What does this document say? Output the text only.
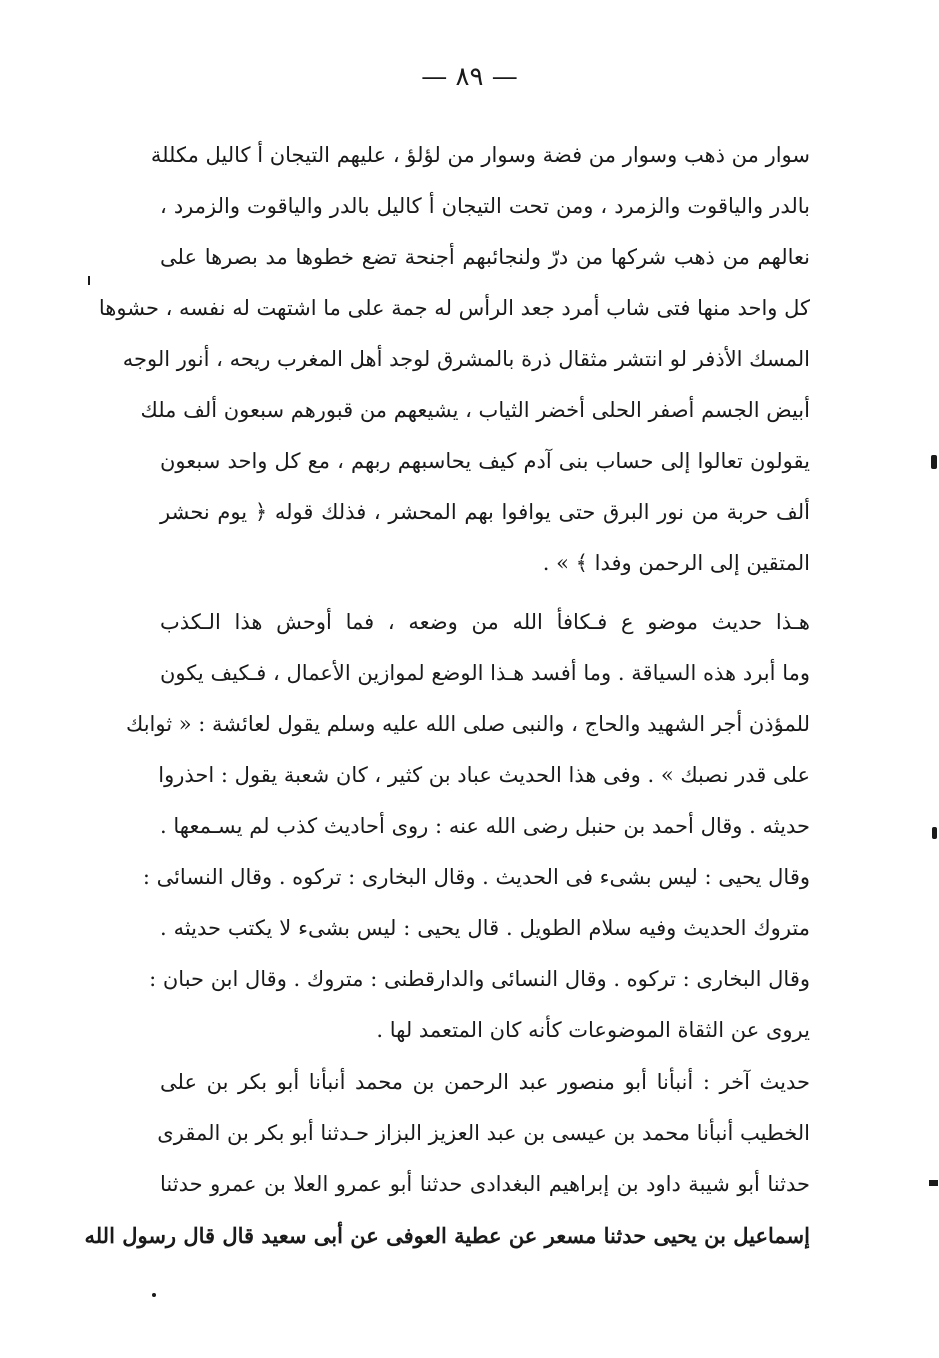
— ٨٩ —
سوار من ذهب وسوار من فضة وسوار من لؤلؤ ، عليهم التيجان أ كاليل مكللة
بالدر والياقوت والزمرد ، ومن تحت التيجان أ كاليل بالدر والياقوت والزمرد ،
نعالهم من ذهب شركها من درّ ولنجائبهم أجنحة تضع خطوها مد بصرها على
كل واحد منها فتى شاب أمرد جعد الرأس له جمة على ما اشتهت له نفسه ، حشوها
المسك الأذفر لو انتشر مثقال ذرة بالمشرق لوجد أهل المغرب ريحه ، أنور الوجه
أبيض الجسم أصفر الحلى أخضر الثياب ، يشيعهم من قبورهم سبعون ألف ملك
يقولون تعالوا إلى حساب بنى آدم كيف يحاسبهم ربهم ، مع كل واحد سبعون
ألف حربة من نور البرق حتى يوافوا بهم المحشر ، فذلك قوله ﴿ يوم نحشر
المتقين إلى الرحمن وفدا ﴾ » .
هـذا حديث موضو ع فـكافأ الله من وضعه ، فما أوحش هذا الـكذب
وما أبرد هذه السياقة . وما أفسد هـذا الوضع لموازين الأعمال ، فـكيف يكون
للمؤذن أجر الشهيد والحاج ، والنبى صلى الله عليه وسلم يقول لعائشة : « ثوابك
على قدر نصبك » . وفى هذا الحديث عباد بن كثير ، كان شعبة يقول : احذروا
حديثه . وقال أحمد بن حنبل رضى الله عنه : روى أحاديث كذب لم يسـمعها .
وقال يحيى : ليس بشىء فى الحديث . وقال البخارى : تركوه . وقال النسائى :
متروك الحديث وفيه سلام الطويل . قال يحيى : ليس بشىء لا يكتب حديثه .
وقال البخارى : تركوه . وقال النسائى والدارقطنى : متروك . وقال ابن حبان :
يروى عن الثقاة الموضوعات كأنه كان المتعمد لها .
حديث آخر : أنبأنا أبو منصور عبد الرحمن بن محمد أنبأنا أبو بكر بن على
الخطيب أنبأنا محمد بن عيسى بن عبد العزيز البزاز حـدثنا أبو بكر بن المقرى
حدثنا أبو شيبة داود بن إبراهيم البغدادى حدثنا أبو عمرو العلا بن عمرو حدثنا
إسماعيل بن يحيى حدثنا مسعر عن عطية العوفى عن أبى سعيد قال قال رسول الله
